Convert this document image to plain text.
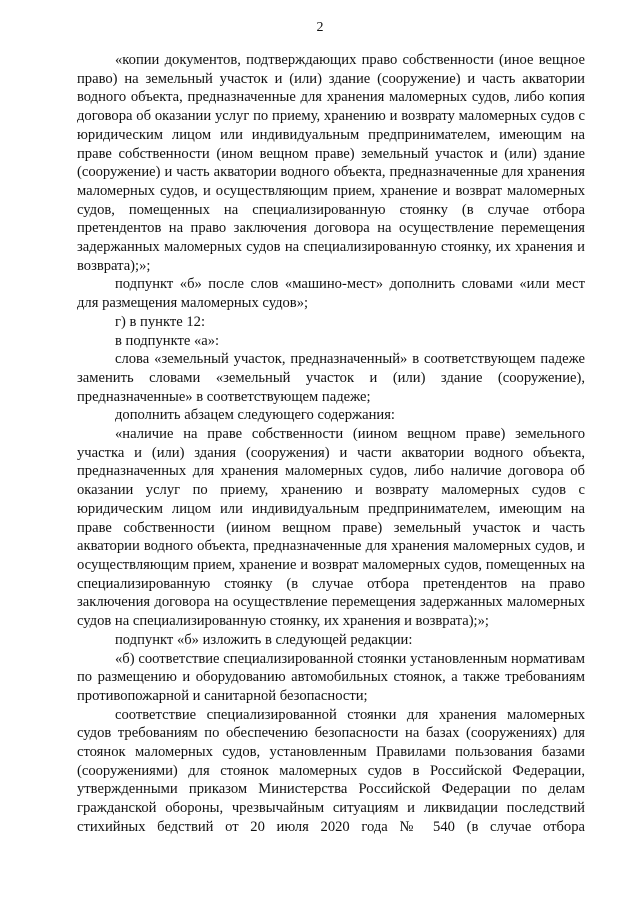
2

«копии документов, подтверждающих право собственности (иное вещное право) на земельный участок и (или) здание (сооружение) и часть акватории водного объекта, предназначенные для хранения маломерных судов, либо копия договора об оказании услуг по приему, хранению и возврату маломерных судов с юридическим лицом или индивидуальным предпринимателем, имеющим на праве собственности (ином вещном праве) земельный участок и (или) здание (сооружение) и часть акватории водного объекта, предназначенные для хранения маломерных судов, и осуществляющим прием, хранение и возврат маломерных судов, помещенных на специализированную стоянку (в случае отбора претендентов на право заключения договора на осуществление перемещения задержанных маломерных судов на специализированную стоянку, их хранения и возврата);»;

подпункт «б» после слов «машино-мест» дополнить словами «или мест для размещения маломерных судов»;

г) в пункте 12:

в подпункте «а»:

слова «земельный участок, предназначенный» в соответствующем падеже заменить словами «земельный участок и (или) здание (сооружение), предназначенные» в соответствующем падеже;

дополнить абзацем следующего содержания:

«наличие на праве собственности (иином вещном праве) земельного участка и (или) здания (сооружения) и части акватории водного объекта, предназначенных для хранения маломерных судов, либо наличие договора об оказании услуг по приему, хранению и возврату маломерных судов с юридическим лицом или индивидуальным предпринимателем, имеющим на праве собственности (иином вещном праве) земельный участок и часть акватории водного объекта, предназначенные для хранения маломерных судов, и осуществляющим прием, хранение и возврат маломерных судов, помещенных на специализированную стоянку (в случае отбора претендентов на право заключения договора на осуществление перемещения задержанных маломерных судов на специализированную стоянку, их хранения и возврата);»;

подпункт «б» изложить в следующей редакции:

«б) соответствие специализированной стоянки установленным нормативам по размещению и оборудованию автомобильных стоянок, а также требованиям противопожарной и санитарной безопасности;

соответствие специализированной стоянки для хранения маломерных судов требованиям по обеспечению безопасности на базах (сооружениях) для стоянок маломерных судов, установленным Правилами пользования базами (сооружениями) для стоянок маломерных судов в Российской Федерации, утвержденными приказом Министерства Российской Федерации по делам гражданской обороны, чрезвычайным ситуациям и ликвидации последствий стихийных бедствий от 20 июля 2020 года № 540 (в случае отбора
